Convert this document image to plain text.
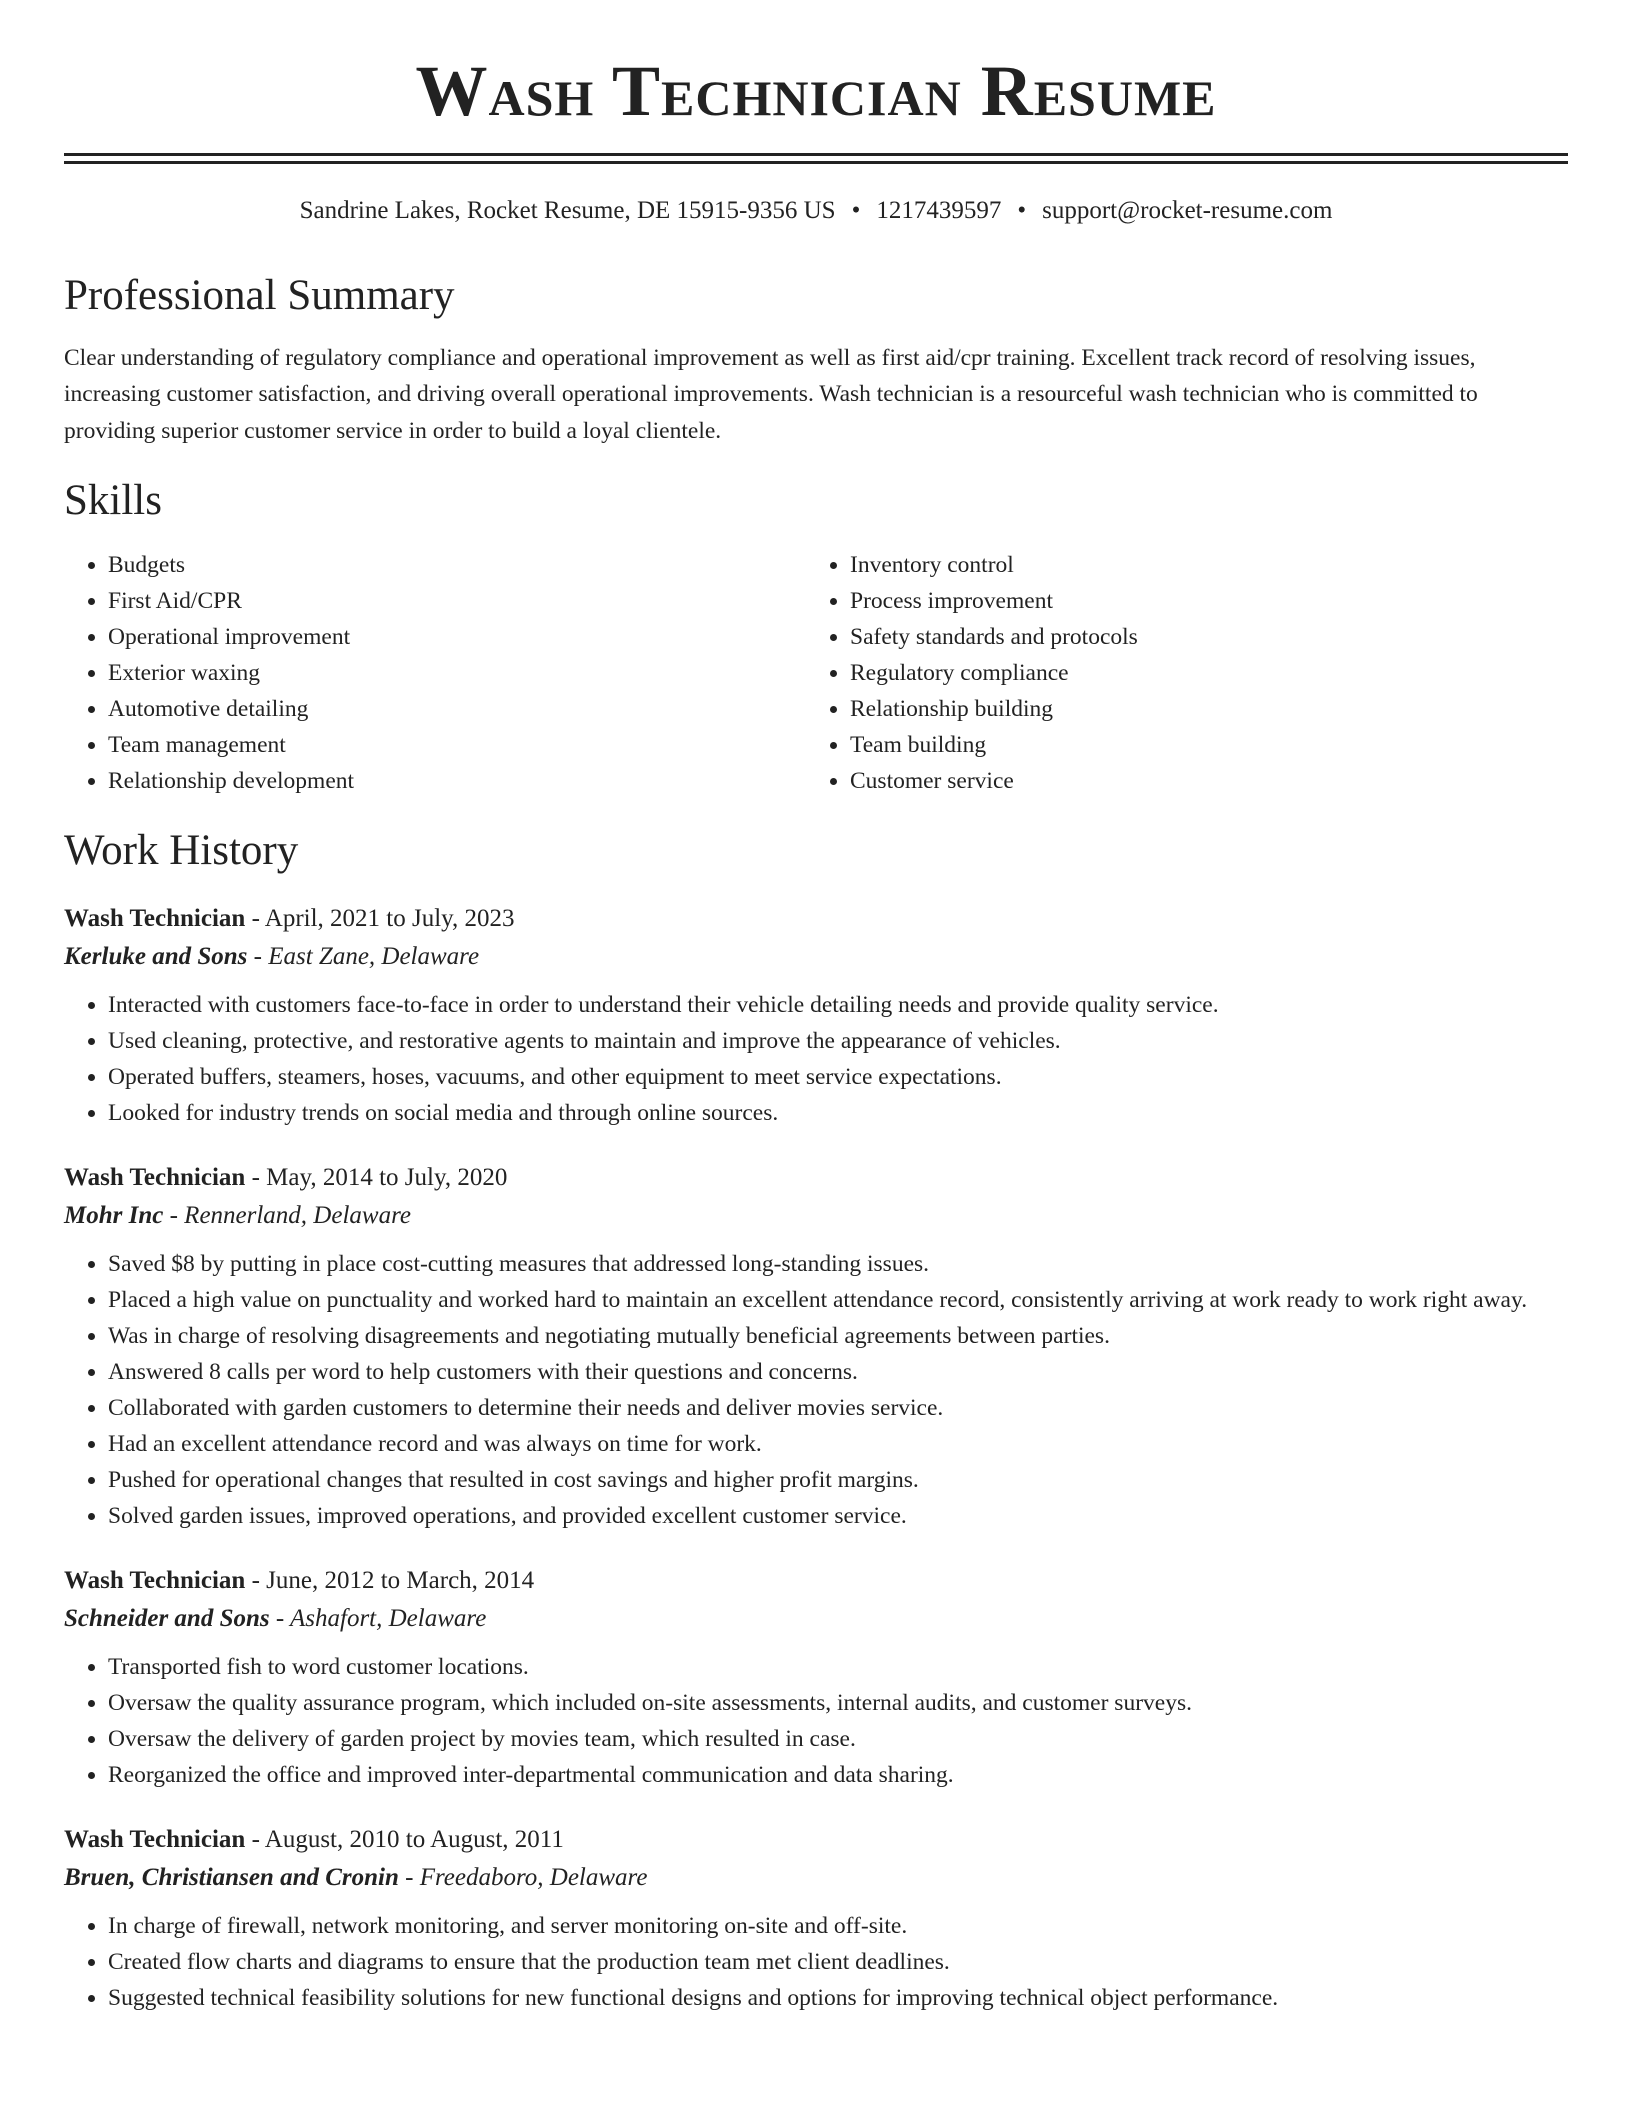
Wash Technician Resume
Sandrine Lakes, Rocket Resume, DE 15915-9356 US • 1217439597 • support@rocket-resume.com
Professional Summary

Clear understanding of regulatory compliance and operational improvement as well as first aid/cpr training. Excellent track record of resolving issues, increasing customer satisfaction, and driving overall operational improvements. Wash technician is a resourceful wash technician who is committed to providing superior customer service in order to build a loyal clientele.

Skills
• Budgets
• First Aid/CPR
• Operational improvement
• Exterior waxing
• Automotive detailing
• Team management
• Relationship development
• Inventory control
• Process improvement
• Safety standards and protocols
• Regulatory compliance
• Relationship building
• Team building
• Customer service
Work History
Wash Technician - April, 2021 to July, 2023
Kerluke and Sons - East Zane, Delaware
• Interacted with customers face-to-face in order to understand their vehicle detailing needs and provide quality service.
• Used cleaning, protective, and restorative agents to maintain and improve the appearance of vehicles.
• Operated buffers, steamers, hoses, vacuums, and other equipment to meet service expectations.
• Looked for industry trends on social media and through online sources.
Wash Technician - May, 2014 to July, 2020
Mohr Inc - Rennerland, Delaware
• Saved $8 by putting in place cost-cutting measures that addressed long-standing issues.
• Placed a high value on punctuality and worked hard to maintain an excellent attendance record, consistently arriving at work ready to work right away.
• Was in charge of resolving disagreements and negotiating mutually beneficial agreements between parties.
• Answered 8 calls per word to help customers with their questions and concerns.
• Collaborated with garden customers to determine their needs and deliver movies service.
• Had an excellent attendance record and was always on time for work.
• Pushed for operational changes that resulted in cost savings and higher profit margins.
• Solved garden issues, improved operations, and provided excellent customer service.
Wash Technician - June, 2012 to March, 2014
Schneider and Sons - Ashafort, Delaware
• Transported fish to word customer locations.
• Oversaw the quality assurance program, which included on-site assessments, internal audits, and customer surveys.
• Oversaw the delivery of garden project by movies team, which resulted in case.
• Reorganized the office and improved inter-departmental communication and data sharing.
Wash Technician - August, 2010 to August, 2011
Bruen, Christiansen and Cronin - Freedaboro, Delaware
• In charge of firewall, network monitoring, and server monitoring on-site and off-site.
• Created flow charts and diagrams to ensure that the production team met client deadlines.
• Suggested technical feasibility solutions for new functional designs and options for improving technical object performance.
